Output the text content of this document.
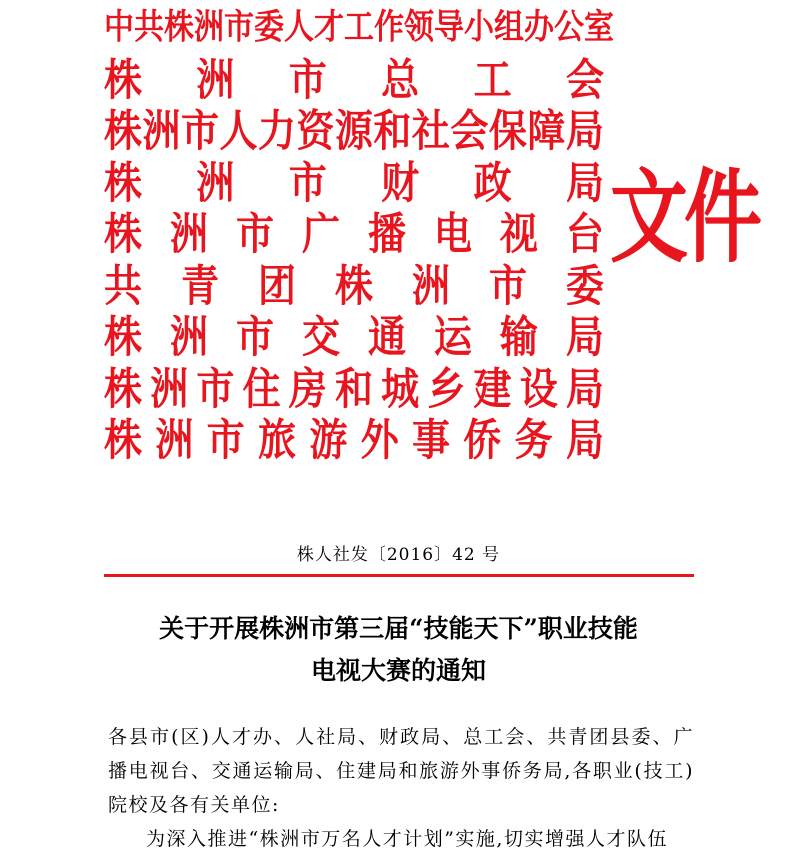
中 共 株 洲 市 委 人 才 工 作 领 导 小 组 办 公 室
株 洲 市 总 工 会
株 洲 市 人 力 资 源 和 社 会 保 障 局
株 洲 市 财 政 局
株 洲 市 广 播 电 视 台
共 青 团 株 洲 市 委
株 洲 市 交 通 运 输 局
株 洲 市 住 房 和 城 乡 建 设 局
株 洲 市 旅 游 外 事 侨 务 局
文件
株人社发〔2016〕42 号
关于开展株洲市第三届“技能天下”职业技能
电视大赛的通知
各县市(区)人才办、人社局、财政局、总工会、共青团县委、广播电视台、交通运输局、住建局和旅游外事侨务局,各职业(技工)院校及各有关单位:
为深入推进“株洲市万名人才计划”实施,切实增强人才队伍
